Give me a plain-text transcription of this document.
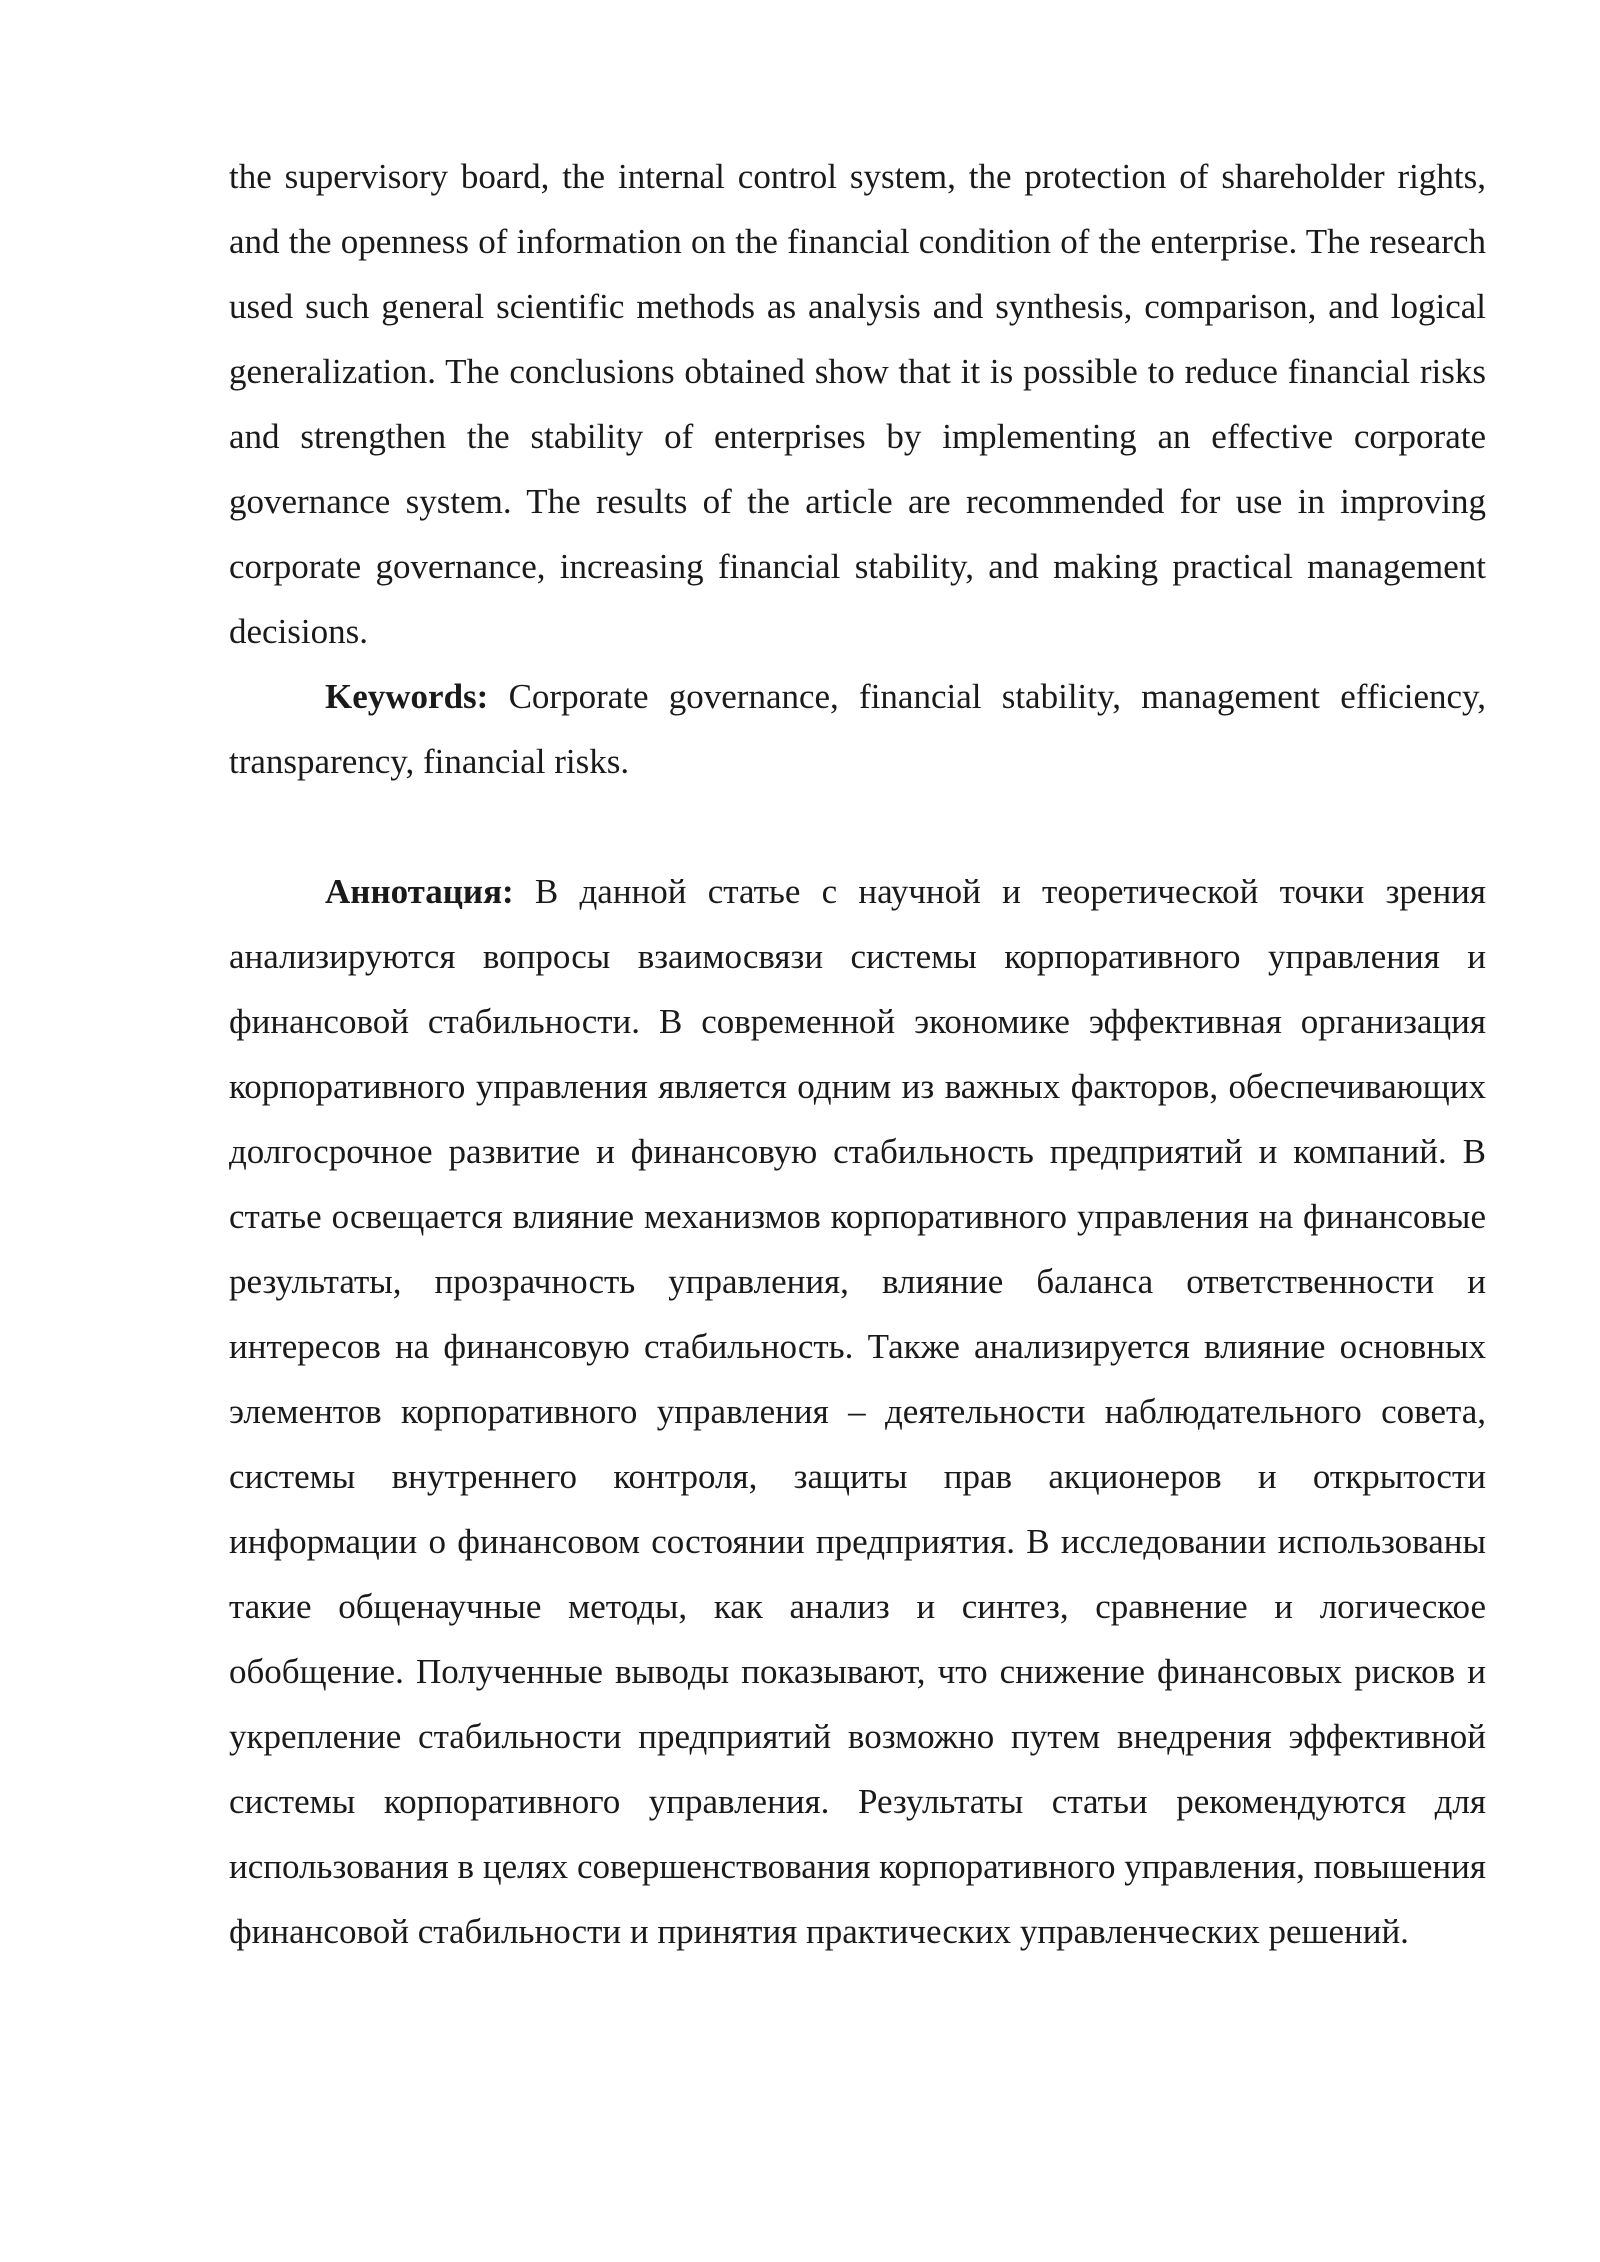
the supervisory board, the internal control system, the protection of shareholder rights, and the openness of information on the financial condition of the enterprise. The research used such general scientific methods as analysis and synthesis, comparison, and logical generalization. The conclusions obtained show that it is possible to reduce financial risks and strengthen the stability of enterprises by implementing an effective corporate governance system. The results of the article are recommended for use in improving corporate governance, increasing financial stability, and making practical management decisions.

Keywords: Corporate governance, financial stability, management efficiency, transparency, financial risks.

Аннотация: В данной статье с научной и теоретической точки зрения анализируются вопросы взаимосвязи системы корпоративного управления и финансовой стабильности. В современной экономике эффективная организация корпоративного управления является одним из важных факторов, обеспечивающих долгосрочное развитие и финансовую стабильность предприятий и компаний. В статье освещается влияние механизмов корпоративного управления на финансовые результаты, прозрачность управления, влияние баланса ответственности и интересов на финансовую стабильность. Также анализируется влияние основных элементов корпоративного управления – деятельности наблюдательного совета, системы внутреннего контроля, защиты прав акционеров и открытости информации о финансовом состоянии предприятия. В исследовании использованы такие общенаучные методы, как анализ и синтез, сравнение и логическое обобщение. Полученные выводы показывают, что снижение финансовых рисков и укрепление стабильности предприятий возможно путем внедрения эффективной системы корпоративного управления. Результаты статьи рекомендуются для использования в целях совершенствования корпоративного управления, повышения финансовой стабильности и принятия практических управленческих решений.
